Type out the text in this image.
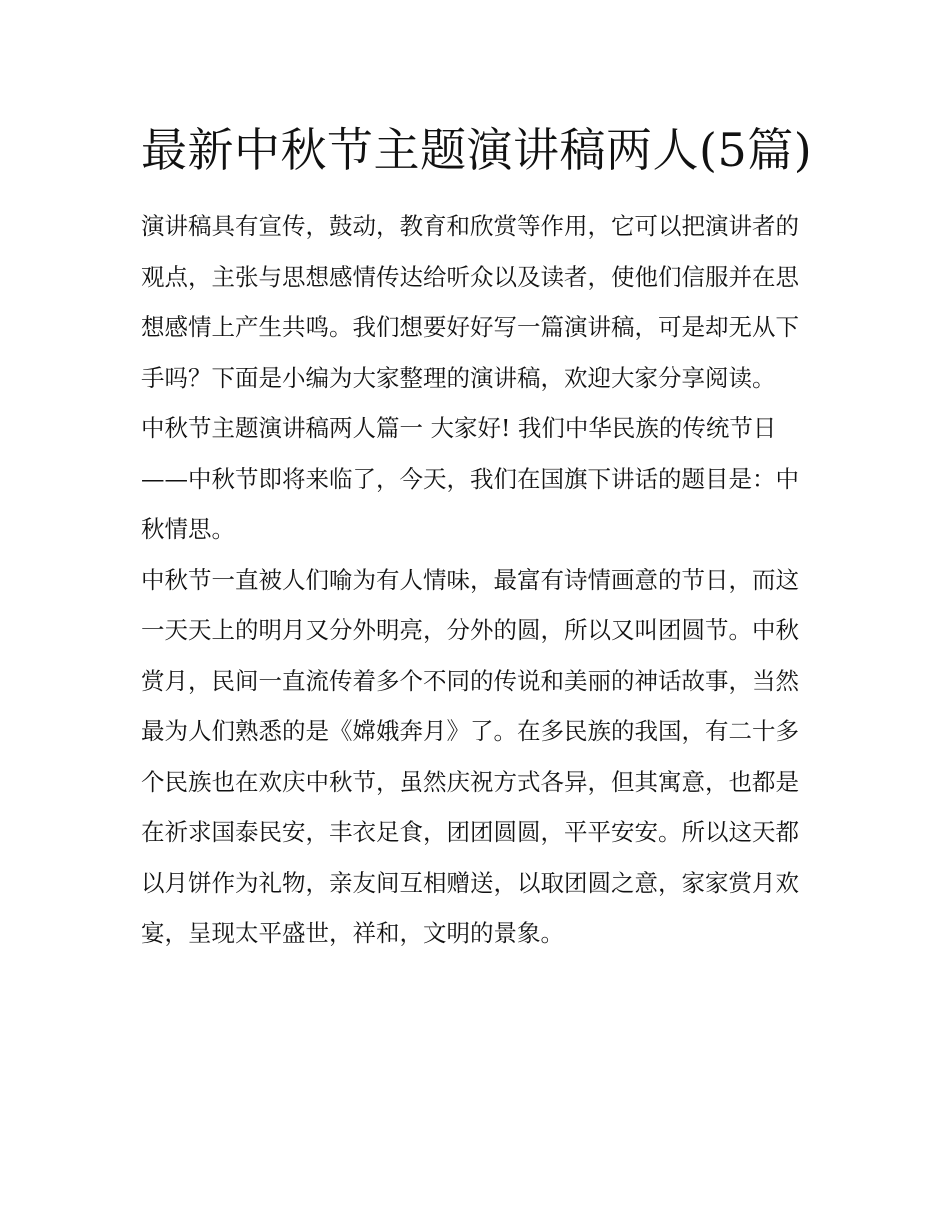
最新中秋节主题演讲稿两人(5篇)

演讲稿具有宣传，鼓动，教育和欣赏等作用，它可以把演讲者的观点，主张与思想感情传达给听众以及读者，使他们信服并在思想感情上产生共鸣。我们想要好好写一篇演讲稿，可是却无从下手吗？下面是小编为大家整理的演讲稿，欢迎大家分享阅读。

中秋节主题演讲稿两人篇一 大家好! 我们中华民族的传统节日——中秋节即将来临了，今天，我们在国旗下讲话的题目是：中秋情思。

中秋节一直被人们喻为有人情味，最富有诗情画意的节日，而这一天天上的明月又分外明亮，分外的圆，所以又叫团圆节。中秋赏月，民间一直流传着多个不同的传说和美丽的神话故事，当然最为人们熟悉的是《嫦娥奔月》了。在多民族的我国，有二十多个民族也在欢庆中秋节，虽然庆祝方式各异，但其寓意，也都是在祈求国泰民安，丰衣足食，团团圆圆，平平安安。所以这天都以月饼作为礼物，亲友间互相赠送，以取团圆之意，家家赏月欢宴，呈现太平盛世，祥和，文明的景象。
